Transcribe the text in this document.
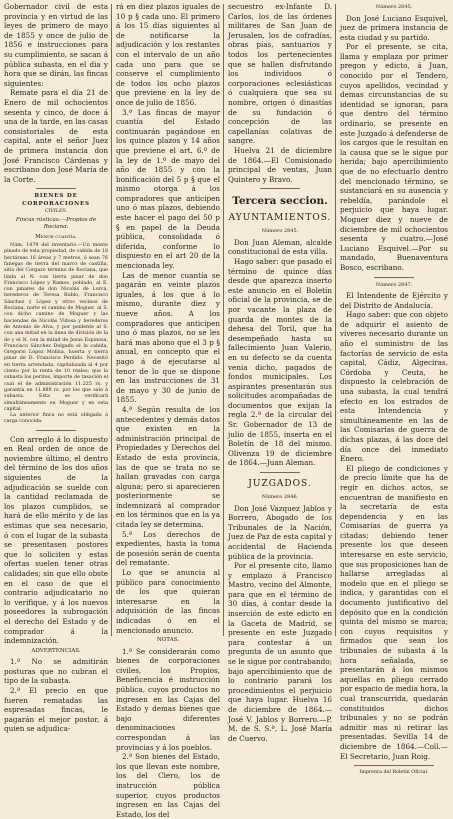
Gobernador civil de esta provincia y en virtud de las leyes de primero de mayo de 1855 y once de julio de 1856 e instrucciones para su cumplimiento, se sacan á pública subasta, en el dia y hora que se dirán, las fincas siguientes:

Remate para el dia 21 de Enero de mil ochocientos sesenta y cinco, de doce á una de la tarde, en las casas consistoriales de esta capital, ante el señor Juez de primera instancia don José Francisco Cárdenas y escribano don José María de la Corte.

BIENES DE CORPORACIONES

CIVILES.

Fincas rústicas.—Propios de Rociana.

Menor cuantía.

Núm. 1479 del inventario.—Un monte pinado de esta propiedad, de cabida de 18 hectáreas 16 áreas y 7 metros, ó sean 76 fanegas de tierra del marco de castilla, sitio del Corgazo término de Rociana, que linda al N. con tierra pinar de don Francisco López y Ramos, poblado, al E. con pinares de don Nicolás de Lorca, herederos de Teresa Rubio, Francisco Sánchez y López y otros vecinos de Rociana, norte el camino de Moguer, al S. con dicho camino de Moguer y las haciendas de Nicolás Vidosa y herederos de Antonio de Alva, y por ponlente al S. con una mitad en la línea de división de la de y el N. con la mitad de Jesus Espinosa, Francisco Sánchez Delgado el la cabida, Gregorio López Molina, huerta y tierra pinar de D. Francisco Perdido. Necesitó en tierra arrendada, capitalizada al 4 por ciento por la renta de 10 reales; que la subasta los peritos, importe de tasación el cual el de administración 11.225 rs. y garantía en 11.889 rs. por los que sale á subasta. Esta se verificará simultáneamente en Moguer y en esta capital.

La anterior finca no está obligada á carga conocida.

Con arreglo á lo dispuesto en Real orden de once de noviembre último, el dentro del término de los dos años siguientes de la adjudicación se suelde con la cantidad reclamada de los plazos cumplidos, se hará de ello mérito y de las estimas que sea necesario, ó con el lugar de la subasta se presentasen postores que lo soliciten y estas ofertas suelen tener otras calidades; sin que ello obste en el caso de que el contrario adjudicatario no lo verifique, y á los nuevos poseedores la subrogación el derecho del Estado y de comprador á la indemnización.

ADVERTENCIAS.

1.ª No se admitirán posturas que no cubran el tipo de la subasta.

2.ª El precio en que fueren rematadas las espresadas fincas, le pagarán el mejor postor, á quien se adjudica-

rá en diez plazos iguales de 10 p § cada uno. El primero á los 15 días siguientes al de notificarse la adjudicación y los restantes con el intervalo de un año cada uno para que se conserve el cumplimiento de todos los ocho plazos que previene en la ley de once de julio de 1856.

3.ª Las fincas de mayor cuantía del Estado continuarán pagándose en los quince plazos y 14 años que previene el art. 6.º de la ley de 1.º de mayo del año de 1855 y con la bonificación del 5 p § que el mismo otorga á los compradores que anticipen uno ó mas plazos, debiendo este hacer el pago del 50 p § en papel de la Deuda pública, consolidada ó diferida, conforme lo dispuesto en el art 20 de la mencionada ley.

Las de menor cuantía se pagarán en veinte plazos iguales, á los que á lo mismo, durante diez y nueve años. A los compradores que anticipen uno ó mas plazos, no se les hará mas abono que el 3 p § anual, en concepto que el pago á de ejecutarse al tenor de lo que se dispone en las instrucciones de 31 de mayo y 30 de junio de 1855.

4.ª Según resulta de los antecedentes y demás datos que existen en la administración principal de Propiedades y Derechos del Estado de esta provincia, las de que se trata no se hallan gravadas con carga alguna; pero si aparecieren posteriormente se indemnizará al comprador en los términos que en la ya citada ley se determina.

5.ª Los derechos de expedientes, hasta la toma de posesión serán de cuenta del rematante.

Lo que se anuncia al público para conocimiento de los que quieran interesarse en la adquisición de las fincas indicadas ó en el mencionado anuncio.

NOTAS.

1.ª Se considerarán como bienes de corporaciones civiles, los Propios, Beneficencia é instrucción pública, cuyos productos no ingresen en las Cajas del Estado y demas bienes que bajo diferentes denominaciones correspondan á las provincias y á los pueblos.

2.ª Son bienes del Estado, los que llevan este nombre, los del Clero, los de instrucción pública superior, cuyos productos ingresen en las Cajas del Estado, los del

secuestro ex-Infante D. Carlos, los de las órdenes militares de San Juan de Jerusalen, los de cofradías, obras pías, santuarios y todos los pertenecientes que se hallen disfrutando los individuos ó corporaciones eclesiásticas ó cualquiera que sea su nombre, origen ó dinastías de su fundación ó concepción de las capellanías colativas de sangre.

Huelva 21 de diciembre de 1864.—El Comisionado principal de ventas, Juan Quintero y Bravo.

Tercera seccion.

AYUNTAMIENTOS.

Número 2845.

Don Juan Aleman, alcalde constitucional de esta villa.

Hago saber: que pasado el término de quince días desde que aparezca inserto este anuncio en el Boletín oficial de la provincia, se de por vacante la plaza de guarda de montes de la dehesa del Toril, que ha desempeñado hasta su fallecimiento Juan Valerio, en su defecto se da cuenta venia dicho, pagados de fondos municipales. Los aspirantes presentarán sus solicitudes acompañadas de documentos que exijan la regla 2.ª de la circular del Sr. Gobernador de 13 de julio de 1855, inserta en el Boletín de 18 del mismo. Olivenza 19 de diciembre de 1864.—Juan Aleman.

JUZGADOS.

Número 2846.

Don José Vazquez Jablos y Borrero, Abogado de los Tribunales de la Nación, Juez de Paz de esta capital y accidental de Hacienda pública de la provincia.

Por el presente cito, llamo y emplazo á Francisco Mastro, vecino del Almonte, para que en el término de 30 días, á contar desde la inserción de este edicto en la Gaceta de Madrid, se presente en este Juzgado para contestar á un pregunta de un asunto que se le sigue por contrabando; bajo apercibimiento que de lo contrario parará los procedimientos el perjuicio que haya lugar. Huelva 16 de diciembre de 1864.—José V. Jablos y Borrero.—P. M. de S. S.ª, L. José María de Cuervo.

Número 2845.

Don José Luciano Esquivel, juez de primera instancia de esta ciudad y su partido.

Por el presente, se cita, llama y emplaza por primer pregon y edicto, á Juan, conocido por el Tendero, cuyos apellidos, vecindad y demas circunstancias de su identidad se ignoran, para que dentro del término ordinario, se presente en este Juzgado á defenderse de los cargos que le resultan en la causa que se le sigue por herida; bajo apercibimiento que de no efectuarlo dentro del mencionado término, se sustanciará en su ausencia y rebeldía, parándole el perjuicio que haya lugar. Moguer diez y nueve de diciembre de mil ochocientos sesenta y cuatro.—José Luciano Esquivel.—Por su mandado, Buenaventura Bosco, escribano.

Número 2847.

El Intendente de Ejército y del Distrito de Andalucía.

Hago saber: que con objeto de adquirir el asiento de víveres necesario durante un año el suministro de las factorías de servicio de esta capital, Cádiz, Algeciras, Córdoba y Ceuta, he dispuesto la celebración de una subasta, la cual tendrá efecto en los estrados de esta Intendencia y simultáneamente en las de las Comisarías de guerra de dichas plazas, á las doce del día once del inmediato Enero.

El pliego de condiciones y de precio límite que ha de regir en dichos actos, se encuentran de manifiesto en la secretaría de esta dependencia y en las Comisarías de guerra ya citadas; debiendo tener presente los que deseen interesarse en este servicio, que sus proposiciones han de hallarse arregladas al modelo que en el pliego se indica, y garantidas con el documento justificativo del depósito que en la condición quinta del mismo se marca; con cuyos requisitos y firmados que sean los tribunales de subasta á la hora señalada, se presentarán á los mismos aquellas en pliego cerrado por espacio de media hora, la cual transcurrida, quedarán constituidos dichos tribunales y no se podrán admitir mas ni retirar las presentadas. Sevilla 14 de diciembre de 1864.—Coll.—El Secretario, Juan Roig.

Imprenta del Boletín Oficial.
